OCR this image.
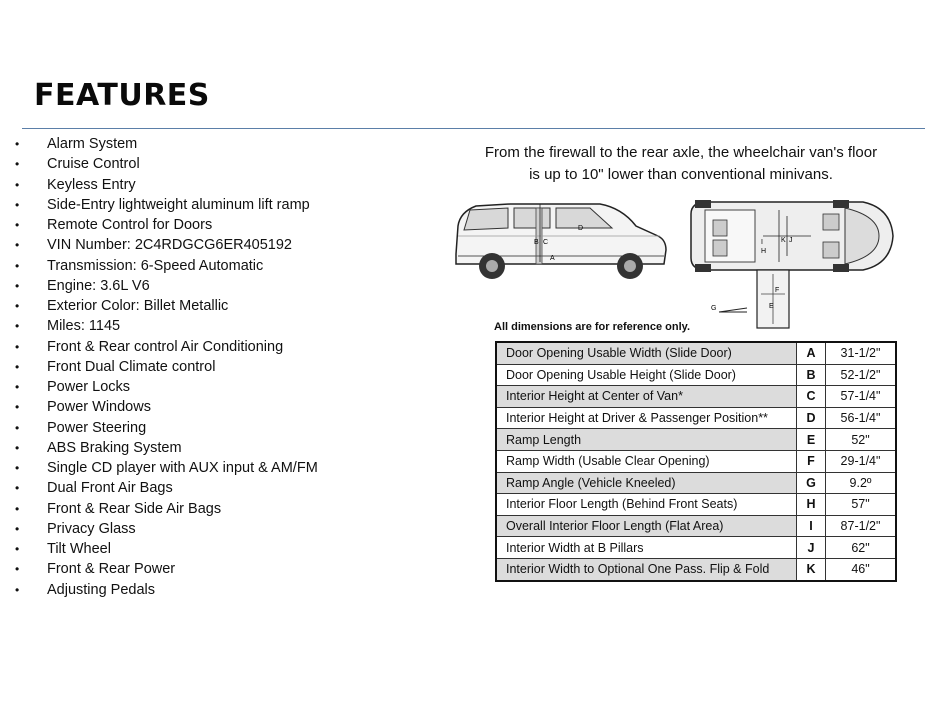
FEATURES
•	Alarm System
•	Cruise Control
•	Keyless Entry
•	Side-Entry lightweight aluminum lift ramp
•	Remote Control for Doors
•	VIN Number: 2C4RDGCG6ER405192
•	Transmission: 6-Speed Automatic
•	Engine: 3.6L V6
•	Exterior Color: Billet Metallic
•	Miles: 1145
•	Front & Rear control Air Conditioning
•	Front Dual Climate control
•	Power Locks
•	Power Windows
•	Power Steering
•	ABS Braking System
•	Single CD player with AUX input & AM/FM
•	Dual Front Air Bags
•	Front & Rear Side Air Bags
•	Privacy Glass
•	Tilt Wheel
•	Front & Rear Power
•	Adjusting Pedals
From the firewall to the rear axle, the wheelchair van's floor
is up to 10" lower than conventional minivans.
B C
D
A
H
I	K J
E
F
G
All dimensions are for reference only.
Door Opening Usable Width (Slide Door)	A	31-1/2"
Door Opening Usable Height (Slide Door)	B	52-1/2"
Interior Height at Center of Van*	C	57-1/4"
Interior Height at Driver & Passenger Position**	D	56-1/4"
Ramp Length	E	52"
Ramp Width (Usable Clear Opening)	F	29-1/4"
Ramp Angle (Vehicle Kneeled)	G	9.2º
Interior Floor Length (Behind Front Seats)	H	57"
Overall Interior Floor Length (Flat Area)	I	87-1/2"
Interior Width at B Pillars	J	62"
Interior Width to Optional One Pass. Flip & Fold	K	46"
